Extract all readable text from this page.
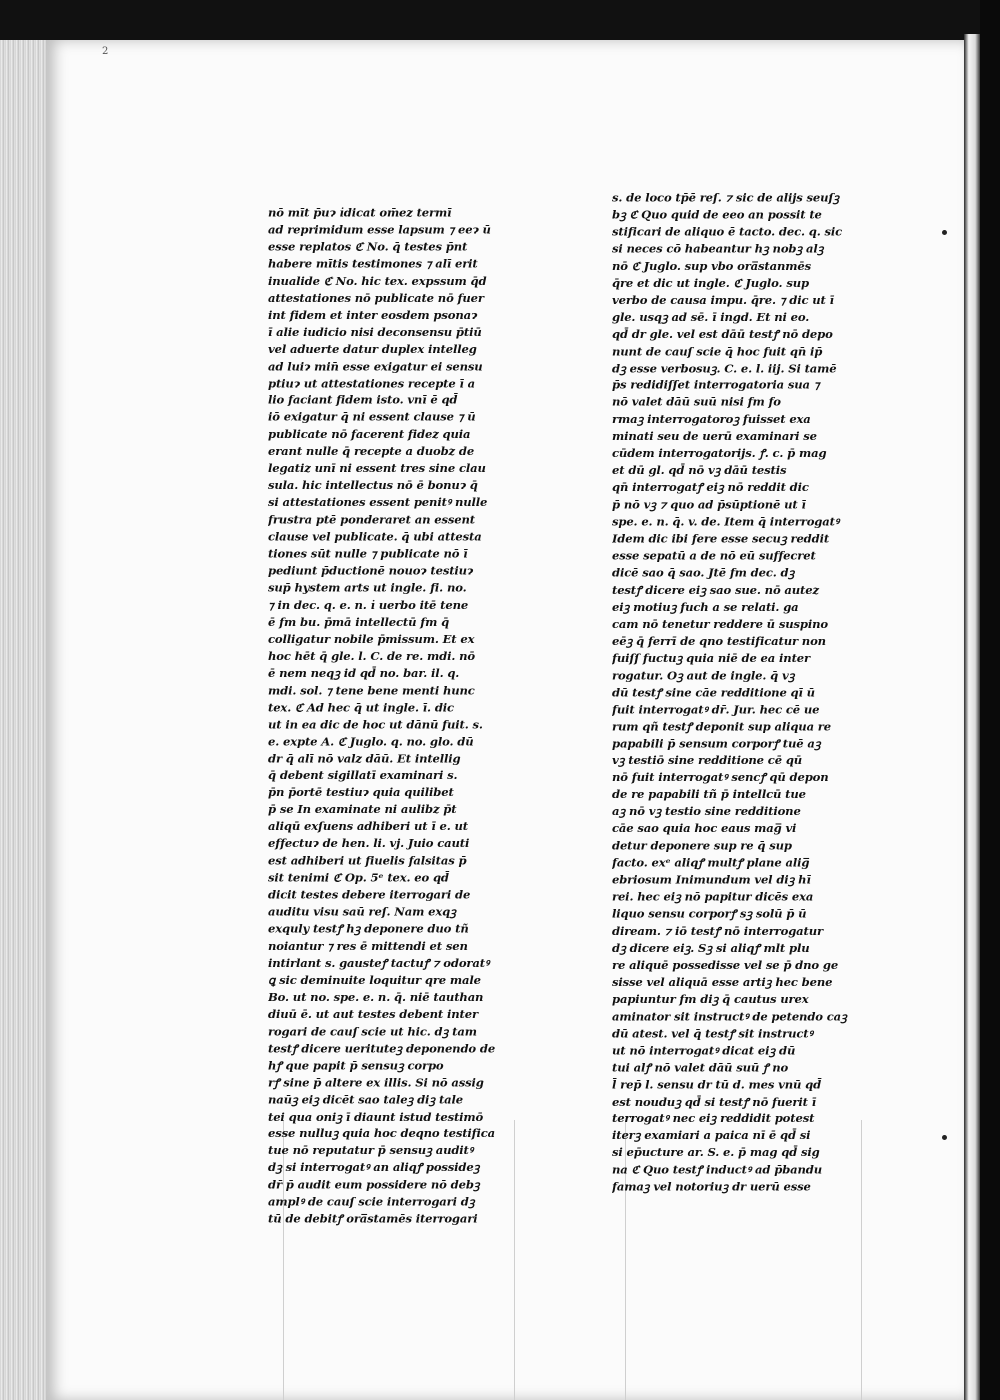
2
nō mīt p̄uɂ i̇dicat om̄ez termī
ad reprimidum esse lapsum ⁊ eeɂ ū
esse replatos ℭ No. q̄ testes p̄nt
habere mītis testimones ⁊ alī erit
inualide ℭ No. hic tex. expssum q̄d
attestationes nō publicate nō fuer
int fidem et inter eosdem psonaɂ
ī alie iudicio nisi deconsensu p̄tiū
vel aduerte datur duplex intelleg
ad luiɂ min̄ esse exigatur ei sensu
ptiuɂ ut attestationes recepte ī a
lio faciant fidem isto. vnī ē qd̄
iō exigatur q̄ ni essent clause ⁊ ū
publicate nō facerent fidez quia
erant nulle q̄ recepte a duobz de
legatiz unī ni essent tres sine clau
sula. hic intellectus nō ē bonuɂ q̄
si attestationes essent penitꝰ nulle
frustra ptē ponderaret an essent
clause vel publicate. q̄ ubi attesta
tiones sūt nulle ⁊ publicate nō ī
pediunt p̄ductionē nouoɂ testiuɂ
sup̄ hystem arts ut ingle. fi. no.
⁊ in dec. q. e. n. i̇ uerbo itē tene
ē fm bu. p̄mā intellectū fm q̄
colligatur nobile p̄missum. Et ex
hoc hēt q̄ gle. l. C. de re. mdi. nō
ē nem neqꝫ id qd̄ no. bar. il. q.
mdi. sol. ⁊ tene bene menti hunc
tex. ℭ Ad hec q̄ ut ingle. ī. dic
ut in ea dic de hoc ut dānū fuit. s.
e. expte A. ℭ Juglo. q. no. glo. dū
dr q̄ alī nō valz dāū. Et intellig
q̄ debent sigillatī examinari s.
p̄n p̄ortē testiuɂ quia quilibet
p̄ se In examinate ni aulibz p̄t
aliqū exſuens adhiberi ut ī e. ut
effectuɂ de hen. li. vj. Juio cauti
est adhiberi ut fiuelis falsitas p̄
sit tenimi ℭ Op. 5ᵉ tex. eo qd̄
dicit testes debere iterrogari de
auditu visu saū reſ. Nam exqꝫ
exquly testꝭ hꝫ deponere duo tñ
noiantur ⁊ res ē mittendi et sen
intirlant s. gausteꝭ tactuꝭ ⁊ odoratꝰ
ꝗ sic deminuite loquitur qre male
Bo. ut no. spe. e. n. q̄. niē tauthan
diuū ē. ut aut testes debent inter
rogari de cauſ scie ut hic. dꝫ tam
testꝭ dicere uerituteꝫ deponendo de
hꝭ que papit p̄ sensuꝫ corpo
rꝭ sine p̄ altere ex illis. Si nō assig
naūꝫ eiꝫ dicēt sao taleꝫ diꝫ tale
tei qua oniꝫ ī diaunt istud testimō
esse nulluꝫ quia hoc deqno testifica
tue nō reputatur p̄ sensuꝫ auditꝰ
dꝫ si interrogatꝰ an aliqꝭ possideꝫ
dr̄ p̄ audit eum possidere nō debꝫ
amplꝰ de cauſ scie interrogari dꝫ
tū de debitꝭ ora̅stamēs iterrogari
s. de loco tp̄ē reſ. ⁊ sic de alijs seuſꝫ
bꝫ ℭ Quo quid de eeo an possit te
stificari de aliquo ē tacto. dec. q. sic
si neces cō habeantur hꝫ nobꝫ alꝫ
nō ℭ Juglo. sup vbo ora̅stanmēs
q̄re et dic ut ingle. ℭ Juglo. sup
verbo de causa impu. q̄re. ⁊ dic ut ī
gle. usqꝫ ad sē. ī ingd. Et ni eo.
qd̄ dr gle. vel est dāū testꝭ nō depo
nunt de cauſ scie q̄ hoc fuit qn̄ ip̄
dꝫ esse verbosuꝫ. C. e. l. iij. Si tamē
p̄s redidiſſet interrogatoria sua ⁊
nō valet dāū suū nisi fm fo
rmaꝫ interrogatoroꝫ fuisset exa
minati seu de uerū examinari se
cūdem interrogatorijs. ꝭ. c. p̄ mag
et dū gl. qd̄ nō vꝫ dāū testis
qn̄ interrogatꝭ eiꝫ nō reddit dic
p̄ nō vꝫ ⁊ quo ad p̄sūptionē ut ī
spe. e. n. q̄. v. de. Item q̄ interrogatꝰ
Idem dic ibi fere esse secuꝫ reddit
esse sepatū a de nō eū suffecret
dicē sao q̄ sao. Jtē fm dec. dꝫ
testꝭ dicere eiꝫ sao sue. nō autez
eiꝫ motiuꝫ fuch a se relati. ga
cam nō tenetur reddere ū suspino
eēꝫ q̄ ferrī de qno testificatur non
fuiſſ fuctuꝫ quia niē de ea inter
rogatur. Oꝫ aut de ingle. q̄ vꝫ
dū testꝭ sine cāe redditione qī ū
fuit interrogatꝰ dr̄. Jur. hec cē ue
rum qñ testꝭ deponit sup aliqua re
papabili p̄ sensum corporꝭ tuē aꝫ
vꝫ testiō sine redditione cē qū
nō fuit interrogatꝰ sencꝭ qū depon
de re papabili tñ p̄ intellcū tue
aꝫ nō vꝫ testio sine redditione
cāe sao quia hoc eaus mag̅ vi
detur deponere sup re q̄ sup
facto. exᵉ aliqꝭ multꝭ plane alig̅
ebriosum Inimundum vel diꝫ hī
rei. hec eiꝫ nō papitur dicēs exa
liquo sensu corporꝭ sꝫ solū p̄ ū
diream. ⁊ iō testꝭ nō interrogatur
dꝫ dicere eiꝫ. Sꝫ si aliqꝭ mlt plu
re aliquē possedisse vel se p̄ dno ge
sisse vel aliquā esse artiꝫ hec bene
papiuntur fm diꝫ q̄ cautus urex
aminator sit instructꝰ de petendo caꝫ
dū atest. vel q̄ testꝭ sit instructꝰ
ut nō interrogatꝰ dicat eiꝫ dū
tui alꝭ nō valet dāū suū ꝭ no
l̄ rep̄ l. sensu dr tū d. mes vnū qd̄
est nouduꝫ qd̄ si testꝭ nō fuerit ī
terrogatꝰ nec eiꝫ reddidit potest
iterꝫ examiari a paica nī ē qd̄ si
si ep̄ucture ar. S. e. p̄ mag qd̄ sig
na ℭ Quo testꝭ inductꝰ ad p̄bandu
famaꝫ vel notoriuꝫ dr uerū esse
